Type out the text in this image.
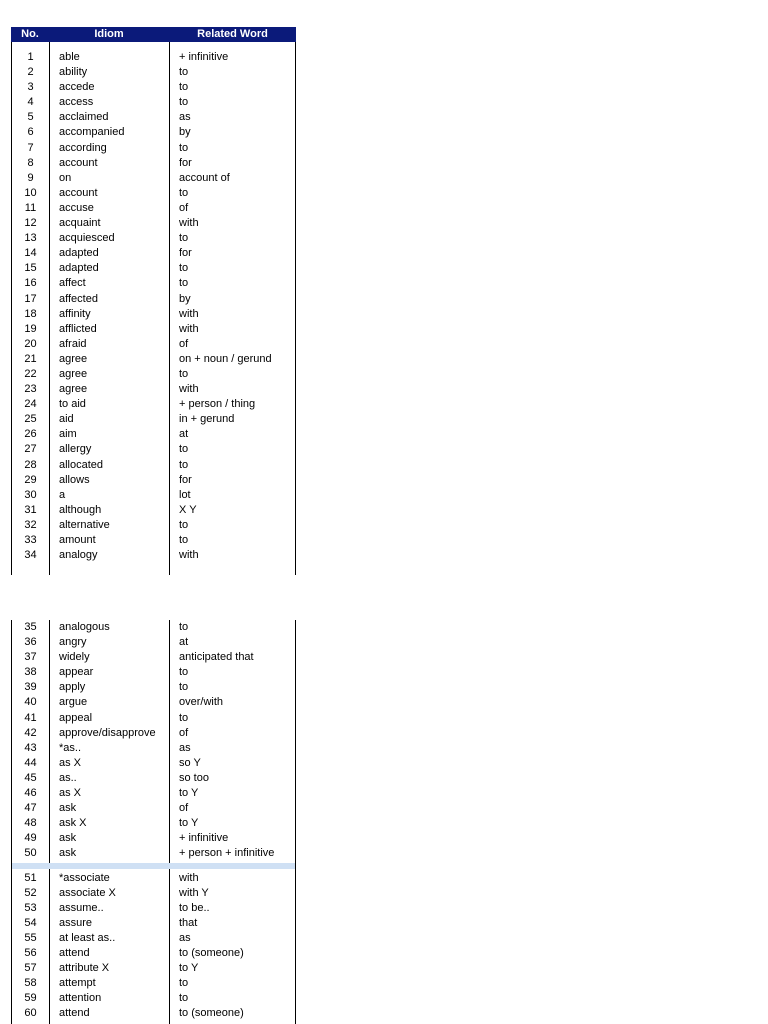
No.	Idiom	Related Word
1	able	+ infinitive
2	ability	to
3	accede	to
4	access	to
5	acclaimed	as
6	accompanied	by
7	according	to
8	account	for
9	on	account of
10	account	to
11	accuse	of
12	acquaint	with
13	acquiesced	to
14	adapted	for
15	adapted	to
16	affect	to
17	affected	by
18	affinity	with
19	afflicted	with
20	afraid	of
21	agree	on + noun / gerund
22	agree	to
23	agree	with
24	to aid	+ person / thing
25	aid	in + gerund
26	aim	at
27	allergy	to
28	allocated	to
29	allows	for
30	a	lot
31	although	X Y
32	alternative	to
33	amount	to
34	analogy	with
35	analogous	to
36	angry	at
37	widely	anticipated that
38	appear	to
39	apply	to
40	argue	over/with
41	appeal	to
42	approve/disapprove	of
43	*as..	as
44	as X	so Y
45	as..	so too
46	as X	to Y
47	ask	of
48	ask X	to Y
49	ask	+ infinitive
50	ask	+ person + infinitive
51	*associate	with
52	associate X	with Y
53	assume..	to be..
54	assure	that
55	at least as..	as
56	attend	to (someone)
57	attribute X	to Y
58	attempt	to
59	attention	to
60	attend	to (someone)
